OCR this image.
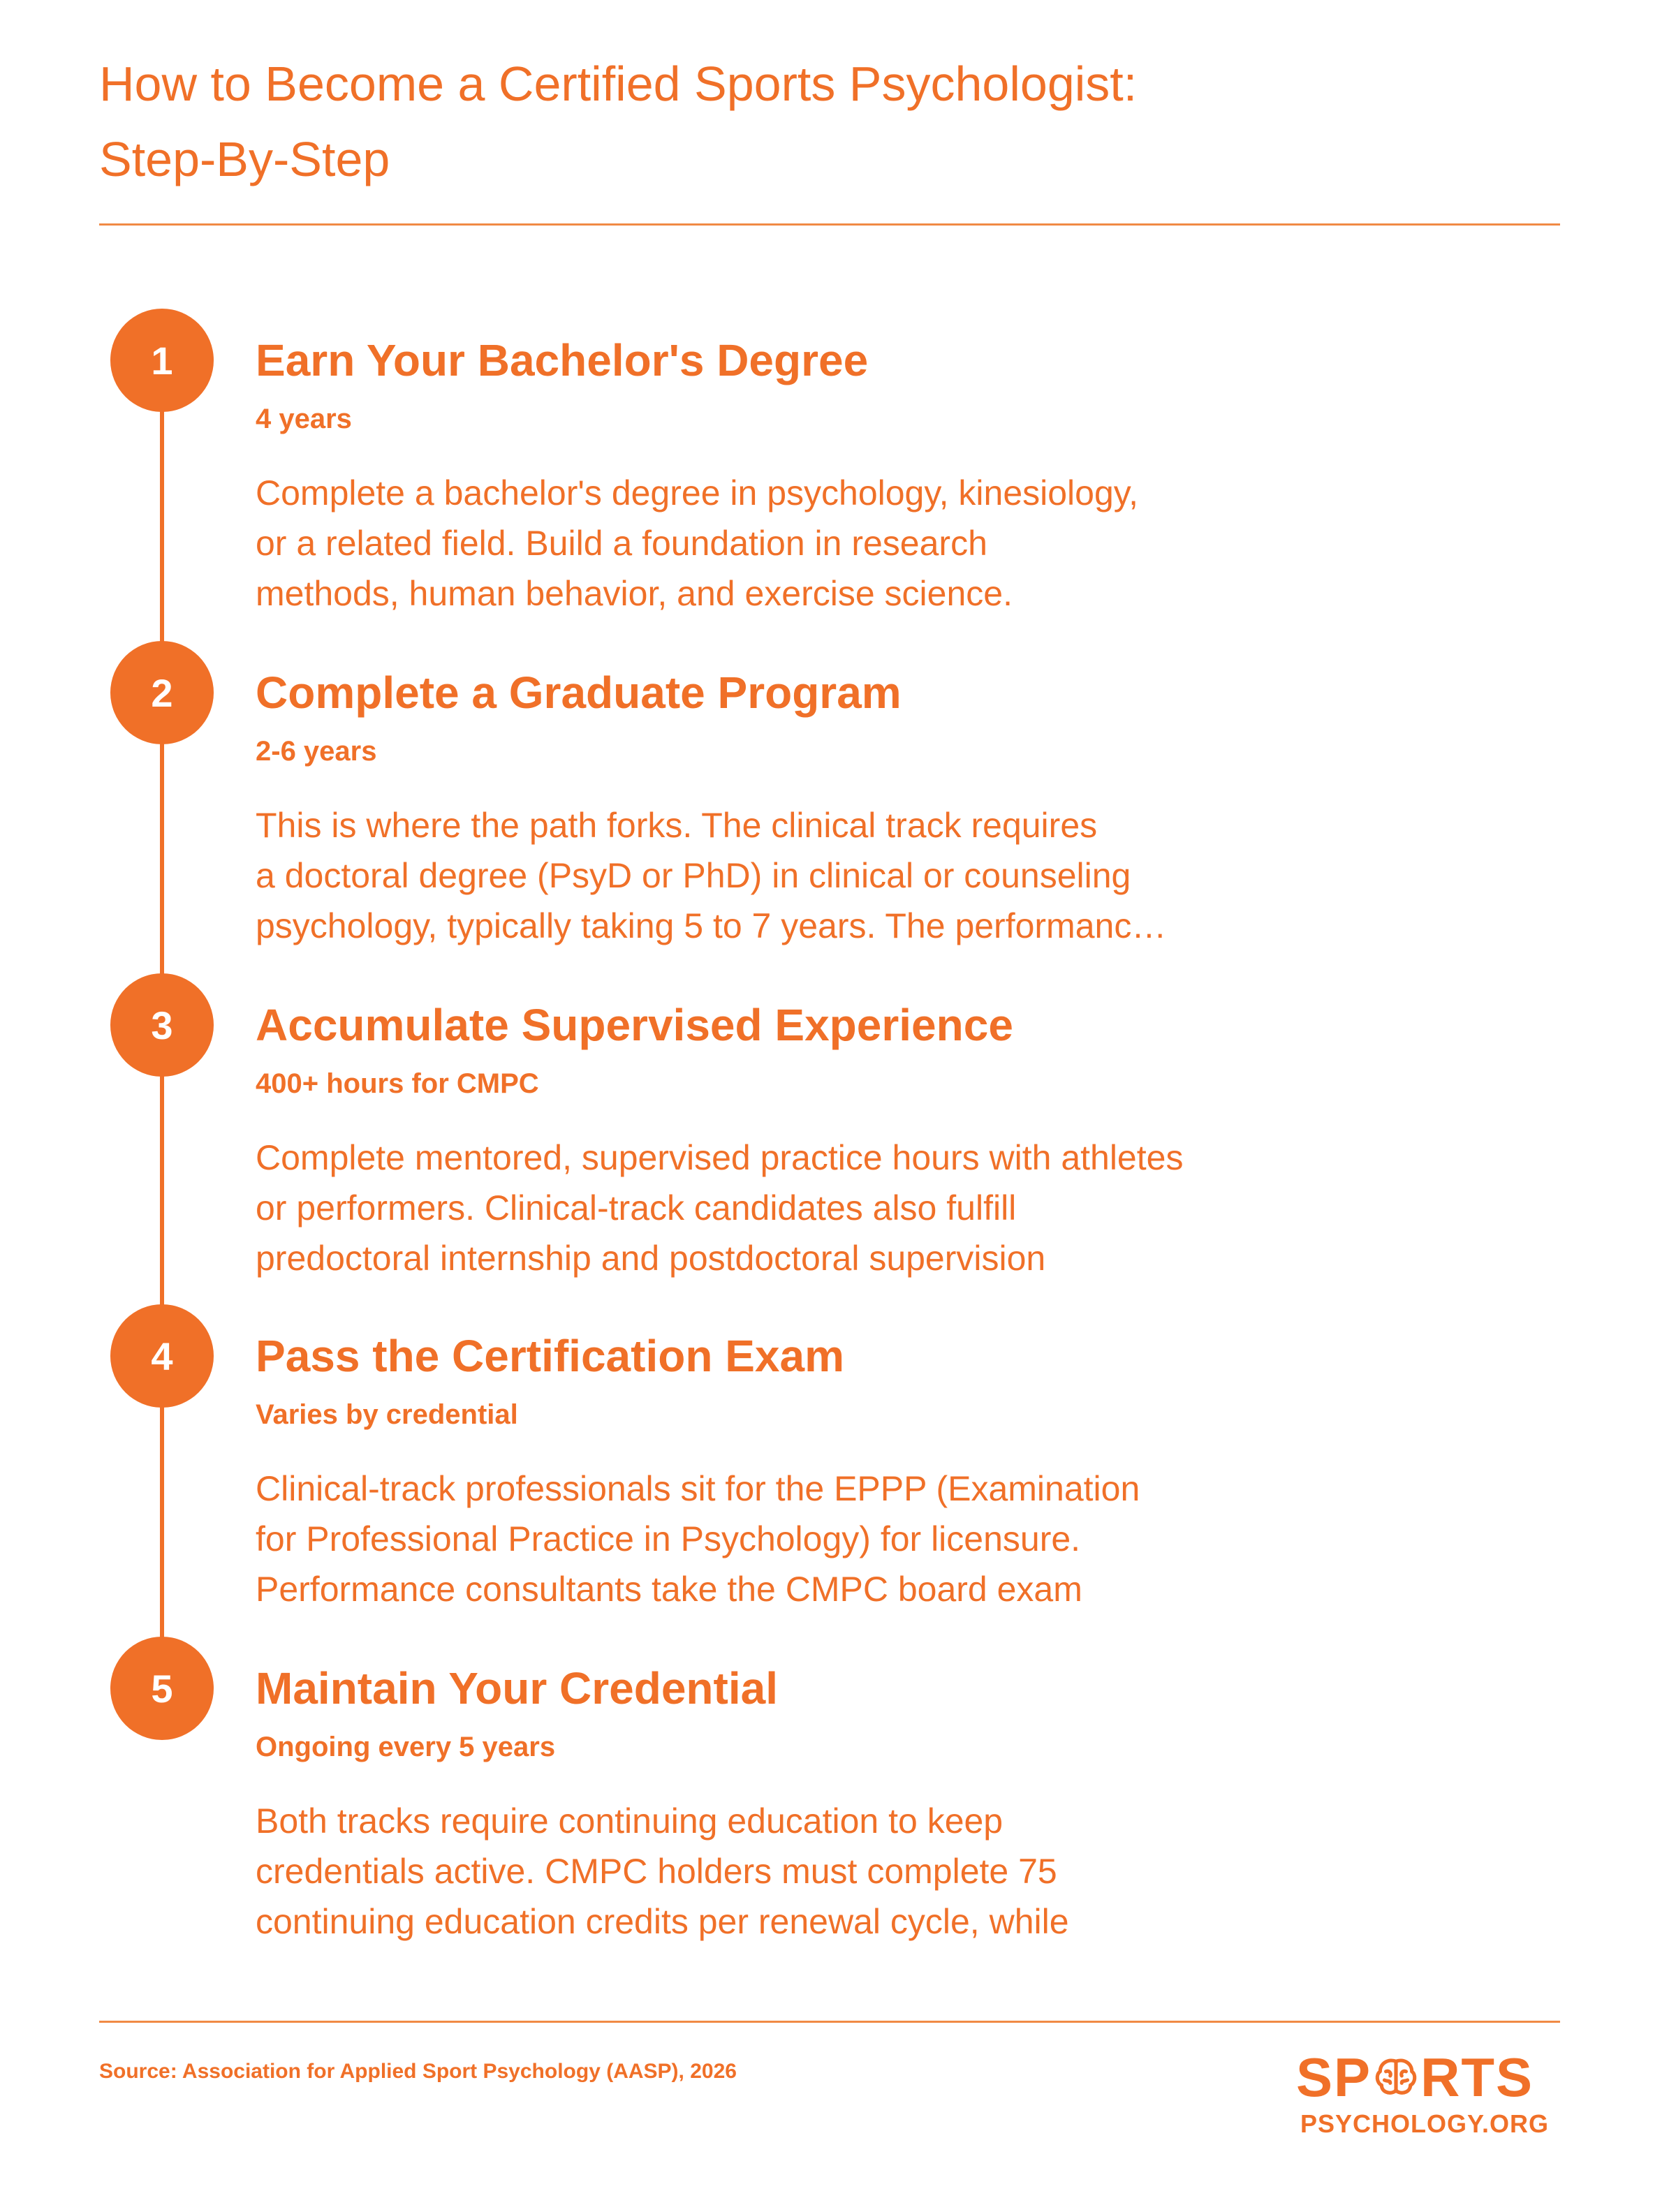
How to Become a Certified Sports Psychologist:
Step-By-Step
1	Earn Your Bachelor's Degree
4 years

Complete a bachelor's degree in psychology, kinesiology,
or a related field. Build a foundation in research
methods, human behavior, and exercise science.

2	Complete a Graduate Program
2-6 years

This is where the path forks. The clinical track requires
a doctoral degree (PsyD or PhD) in clinical or counseling
psychology, typically taking 5 to 7 years. The performanc…

3	Accumulate Supervised Experience
400+ hours for CMPC

Complete mentored, supervised practice hours with athletes
or performers. Clinical-track candidates also fulfill
predoctoral internship and postdoctoral supervision

4	Pass the Certification Exam
Varies by credential

Clinical-track professionals sit for the EPPP (Examination
for Professional Practice in Psychology) for licensure.
Performance consultants take the CMPC board exam

5	Maintain Your Credential
Ongoing every 5 years

Both tracks require continuing education to keep
credentials active. CMPC holders must complete 75
continuing education credits per renewal cycle, while

Source: Association for Applied Sport Psychology (AASP), 2026	SP RTS
PSYCHOLOGY.ORG
